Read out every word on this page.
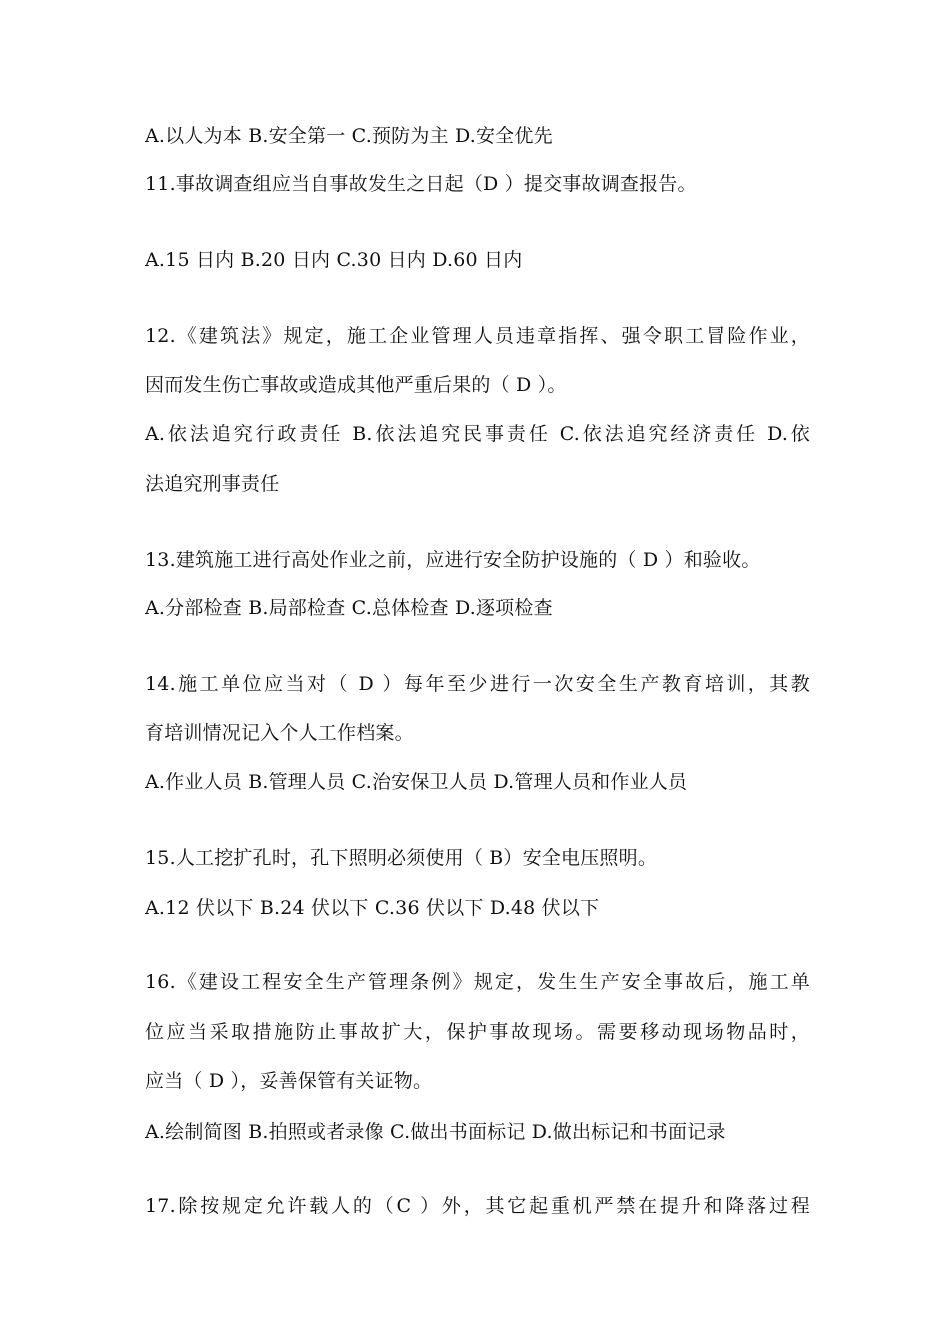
A.以人为本 B.安全第一 C.预防为主 D.安全优先
11.事故调查组应当自事故发生之日起（D ）提交事故调查报告。
A.15 日内 B.20 日内 C.30 日内 D.60 日内
12.《建筑法》规定，施工企业管理人员违章指挥、强令职工冒险作业，
因而发生伤亡事故或造成其他严重后果的（ D ）。
A.依法追究行政责任 B.依法追究民事责任 C.依法追究经济责任 D.依
法追究刑事责任
13.建筑施工进行高处作业之前，应进行安全防护设施的（ D ）和验收。
A.分部检查 B.局部检查 C.总体检查 D.逐项检查
14.施工单位应当对（ D ）每年至少进行一次安全生产教育培训，其教
育培训情况记入个人工作档案。
A.作业人员 B.管理人员 C.治安保卫人员 D.管理人员和作业人员
15.人工挖扩孔时，孔下照明必须使用（ B）安全电压照明。
A.12 伏以下 B.24 伏以下 C.36 伏以下 D.48 伏以下
16.《建设工程安全生产管理条例》规定，发生生产安全事故后，施工单
位应当采取措施防止事故扩大，保护事故现场。需要移动现场物品时，
应当（ D ），妥善保管有关证物。
A.绘制简图 B.拍照或者录像 C.做出书面标记 D.做出标记和书面记录
17.除按规定允许载人的（C ）外，其它起重机严禁在提升和降落过程
